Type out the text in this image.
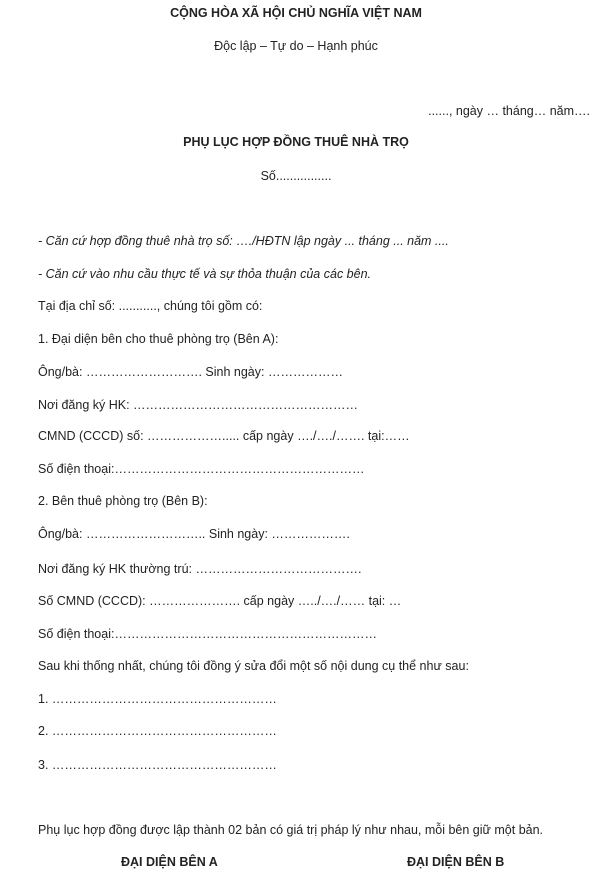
CỘNG HÒA XÃ HỘI CHỦ NGHĨA VIỆT NAM
Độc lập – Tự do – Hạnh phúc
......, ngày … tháng… năm….
PHỤ LỤC HỢP ĐỒNG THUÊ NHÀ TRỌ
Số................
- Căn cứ hợp đồng thuê nhà trọ số: …./HĐTN lập ngày ... tháng ... năm ....
- Căn cứ vào nhu cầu thực tế và sự thỏa thuận của các bên.
Tại địa chỉ số: ..........., chúng tôi gồm có:
1. Đại diện bên cho thuê phòng trọ (Bên A):
Ông/bà: ………………………. Sinh ngày: ………………
Nơi đăng ký HK: ………………………………………………
CMND (CCCD) số: ………………..... cấp ngày …./…./……. tại:……
Số điện thoại:……………………………………………………
2. Bên thuê phòng trọ (Bên B):
Ông/bà: ……………………….. Sinh ngày: ……………….
Nơi đăng ký HK thường trú: ………………………………….
Số CMND (CCCD): …………………. cấp ngày …../…./…… tại: …
Số điện thoại:………………………………………………………
Sau khi thống nhất, chúng tôi đồng ý sửa đổi một số nội dung cụ thể như sau:
1. ………………………………………………
2. ………………………………………………
3. ………………………………………………
Phụ lục hợp đồng được lập thành 02 bản có giá trị pháp lý như nhau, mỗi bên giữ một bản.
ĐẠI DIỆN BÊN A	ĐẠI DIỆN BÊN B
